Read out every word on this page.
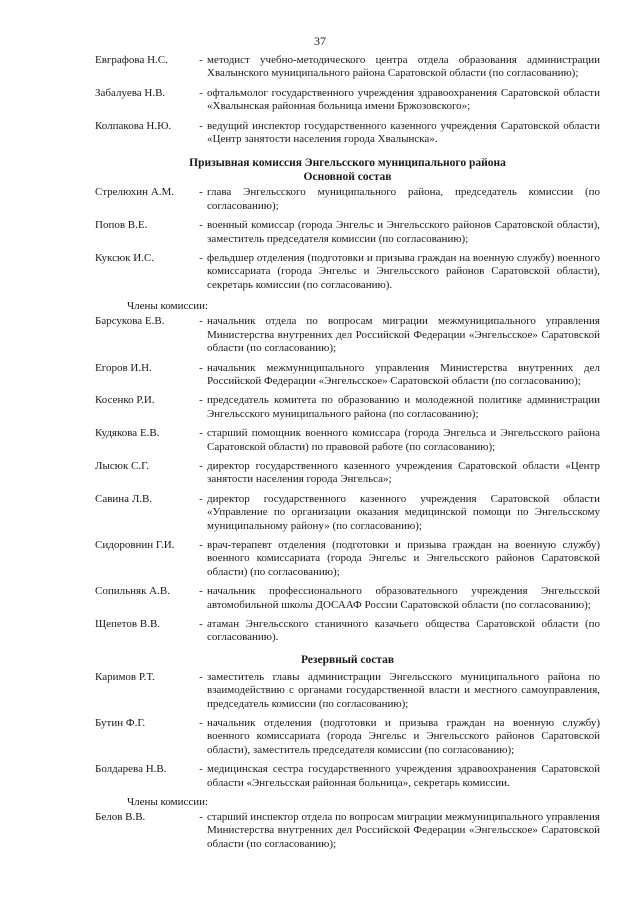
37
Евграфова Н.С.	- методист учебно-методического центра отдела образования администрации Хвалынского муниципального района Саратовской области (по согласованию);
Забалуева Н.В.	- офтальмолог государственного учреждения здравоохранения Саратовской области «Хвалынская районная больница имени Бржозовского»;
Колпакова Н.Ю.	- ведущий инспектор государственного казенного учреждения Саратовской области «Центр занятости населения города Хвалынска».
Призывная комиссия Энгельсского муниципального района
Основной состав
Стрелюхин А.М.	- глава Энгельсского муниципального района, председатель комиссии (по согласованию);
Попов В.Е.	- военный комиссар (города Энгельс и Энгельсского районов Саратовской области), заместитель председателя комиссии (по согласованию);
Куксюк И.С.	- фельдшер отделения (подготовки и призыва граждан на военную службу) военного комиссариата (города Энгельс и Энгельсского районов Саратовской области), секретарь комиссии (по согласованию).
Члены комиссии:
Барсукова Е.В.	- начальник отдела по вопросам миграции межмуниципального управления Министерства внутренних дел Российской Федерации «Энгельсское» Саратовской области (по согласованию);
Егоров И.Н.	- начальник межмуниципального управления Министерства внутренних дел Российской Федерации «Энгельсское» Саратовской области (по согласованию);
Косенко Р.И.	- председатель комитета по образованию и молодежной политике администрации Энгельсского муниципального района (по согласованию);
Кудякова Е.В.	- старший помощник военного комиссара (города Энгельса и Энгельсского района Саратовской области) по правовой работе (по согласованию);
Лысюк С.Г.	- директор государственного казенного учреждения Саратовской области «Центр занятости населения города Энгельса»;
Савина Л.В.	- директор государственного казенного учреждения Саратовской области «Управление по организации оказания медицинской помощи по Энгельсскому муниципальному району» (по согласованию);
Сидоровнин Г.И.	- врач-терапевт отделения (подготовки и призыва граждан на военную службу) военного комиссариата (города Энгельс и Энгельсского районов Саратовской области) (по согласованию);
Сопильняк А.В.	- начальник профессионального образовательного учреждения Энгельсской автомобильной школы ДОСААФ России Саратовской области (по согласованию);
Щепетов В.В.	- атаман Энгельсского станичного казачьего общества Саратовской области (по согласованию).
Резервный состав
Каримов Р.Т.	- заместитель главы администрации Энгельсского муниципального района по взаимодействию с органами государственной власти и местного самоуправления, председатель комиссии (по согласованию);
Бутин Ф.Г.	- начальник отделения (подготовки и призыва граждан на военную службу) военного комиссариата (города Энгельс и Энгельсского районов Саратовской области), заместитель председателя комиссии (по согласованию);
Болдарева Н.В.	- медицинская сестра государственного учреждения здравоохранения Саратовской области «Энгельсская районная больница», секретарь комиссии.
Члены комиссии:
Белов В.В.	- старший инспектор отдела по вопросам миграции межмуниципального управления Министерства внутренних дел Российской Федерации «Энгельсское» Саратовской области (по согласованию);
